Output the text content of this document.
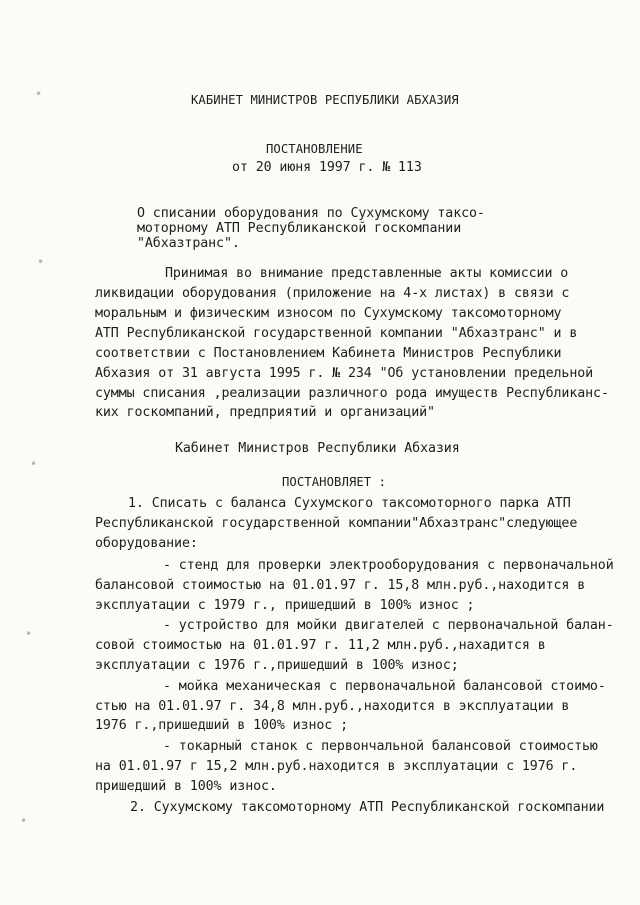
КАБИНЕТ МИНИСТРОВ РЕСПУБЛИКИ АБХАЗИЯ
ПОСТАНОВЛЕНИЕ
от 20 июня 1997 г. № 113
О списании оборудования по Сухумскому таксо-
моторному АТП Республиканской госкомпании
"Абхазтранс".
Принимая во внимание представленные акты комиссии о
ликвидации оборудования (приложение на 4-х листах) в связи с
моральным и физическим износом по Сухумскому таксомоторному
АТП Республиканской государственной компании "Абхазтранс" и в
соответствии с Постановлением Кабинета Министров Республики
Абхазия от 31 августа 1995 г. № 234 "Об установлении предельной
суммы списания ,реализации различного рода имуществ Республиканс-
ких госкомпаний, предприятий и организаций"
Кабинет Министров Республики Абхазия
ПОСТАНОВЛЯЕТ :
1. Списать с баланса Сухумского таксомоторного парка АТП
Республиканской государственной компании"Абхазтранс"следующее
оборудование:
- стенд для проверки электрооборудования с первоначальной
балансовой стоимостью на 01.01.97 г. 15,8 млн.руб.,находится в
эксплуатации с 1979 г., пришедший в 100% износ ;
- устройство для мойки двигателей с первоначальной балан-
совой стоимостью на 01.01.97 г. 11,2 млн.руб.,нахадится в
эксплуатации с 1976 г.,пришедший в 100% износ;
- мойка механическая с первоначальной балансовой стоимо-
стью на 01.01.97 г. 34,8 млн.руб.,находится в эксплуатации в
1976 г.,пришедший в 100% износ ;
- токарный станок с первончальной балансовой стоимостью
на 01.01.97 г 15,2 млн.руб.находится в эксплуатации с 1976 г.
пришедший в 100% износ.
2. Сухумскому таксомоторному АТП Республиканской госкомпании
•
•
•
•
•
